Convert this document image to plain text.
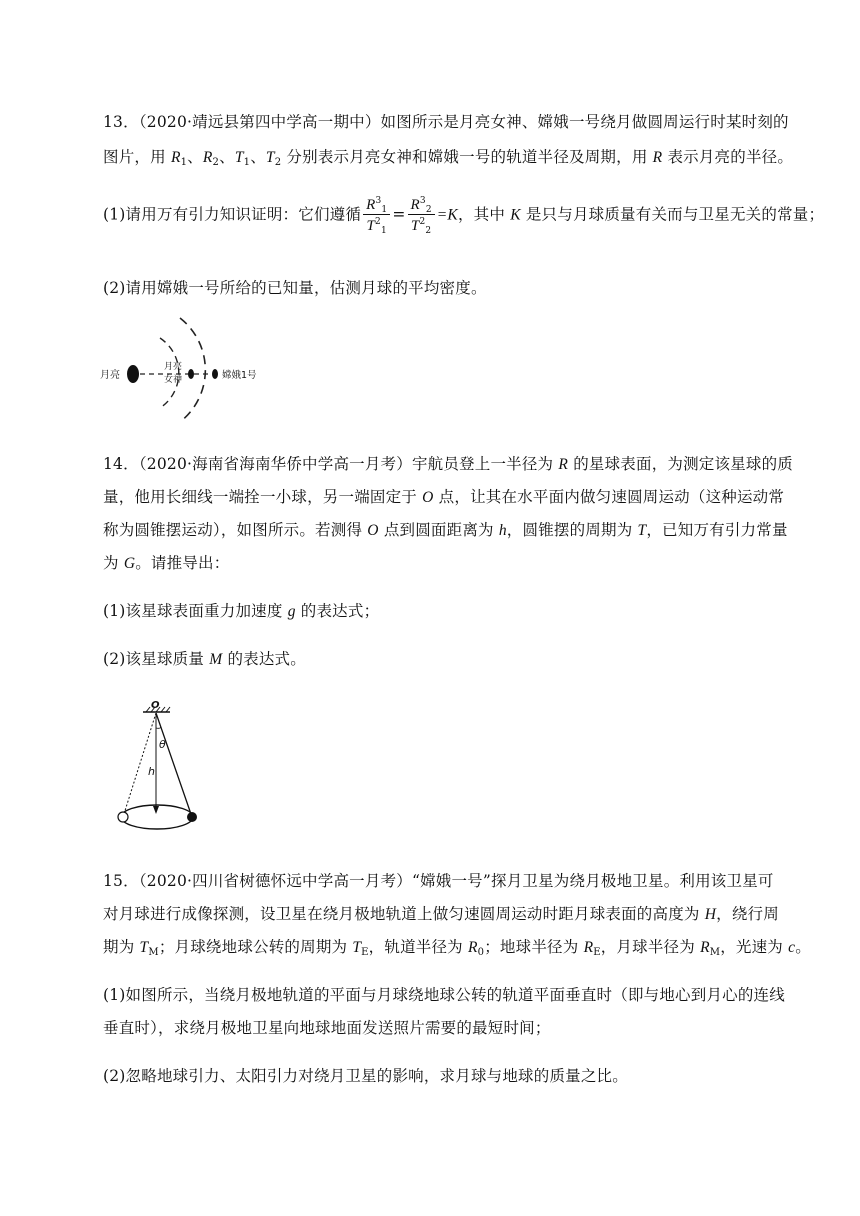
13．（2020·靖远县第四中学高一期中）如图所示是月亮女神、嫦娥一号绕月做圆周运行时某时刻的
图片，用 $R_1$、$R_2$、$T_1$、$T_2$ 分别表示月亮女神和嫦娥一号的轨道半径及周期，用 R 表示月亮的半径。
(1)请用万有引力知识证明：它们遵循 $\frac{R^3_1}{T^2_1} = \frac{R^3_2}{T^2_2} =K$，其中 K 是只与月球质量有关而与卫星无关的常量；
(2)请用嫦娥一号所给的已知量，估测月球的平均密度。
月亮
月亮
女神	嫦娥1号
14．（2020·海南省海南华侨中学高一月考）宇航员登上一半径为 R 的星球表面，为测定该星球的质
量，他用长细线一端拴一小球，另一端固定于 O 点，让其在水平面内做匀速圆周运动（这种运动常
称为圆锥摆运动），如图所示。若测得 O 点到圆面距离为 h，圆锥摆的周期为 T，已知万有引力常量
为 G。请推导出：
(1)该星球表面重力加速度 g 的表达式；
(2)该星球质量 M 的表达式。
O
θ
h
15．（2020·四川省树德怀远中学高一月考）“嫦娥一号”探月卫星为绕月极地卫星。利用该卫星可
对月球进行成像探测，设卫星在绕月极地轨道上做匀速圆周运动时距月球表面的高度为 H，绕行周
期为 $T_M$；月球绕地球公转的周期为 $T_E$，轨道半径为 $R_0$；地球半径为 $R_E$，月球半径为 $R_M$，光速为 c。
(1)如图所示，当绕月极地轨道的平面与月球绕地球公转的轨道平面垂直时（即与地心到月心的连线
垂直时），求绕月极地卫星向地球地面发送照片需要的最短时间；
(2)忽略地球引力、太阳引力对绕月卫星的影响，求月球与地球的质量之比。
